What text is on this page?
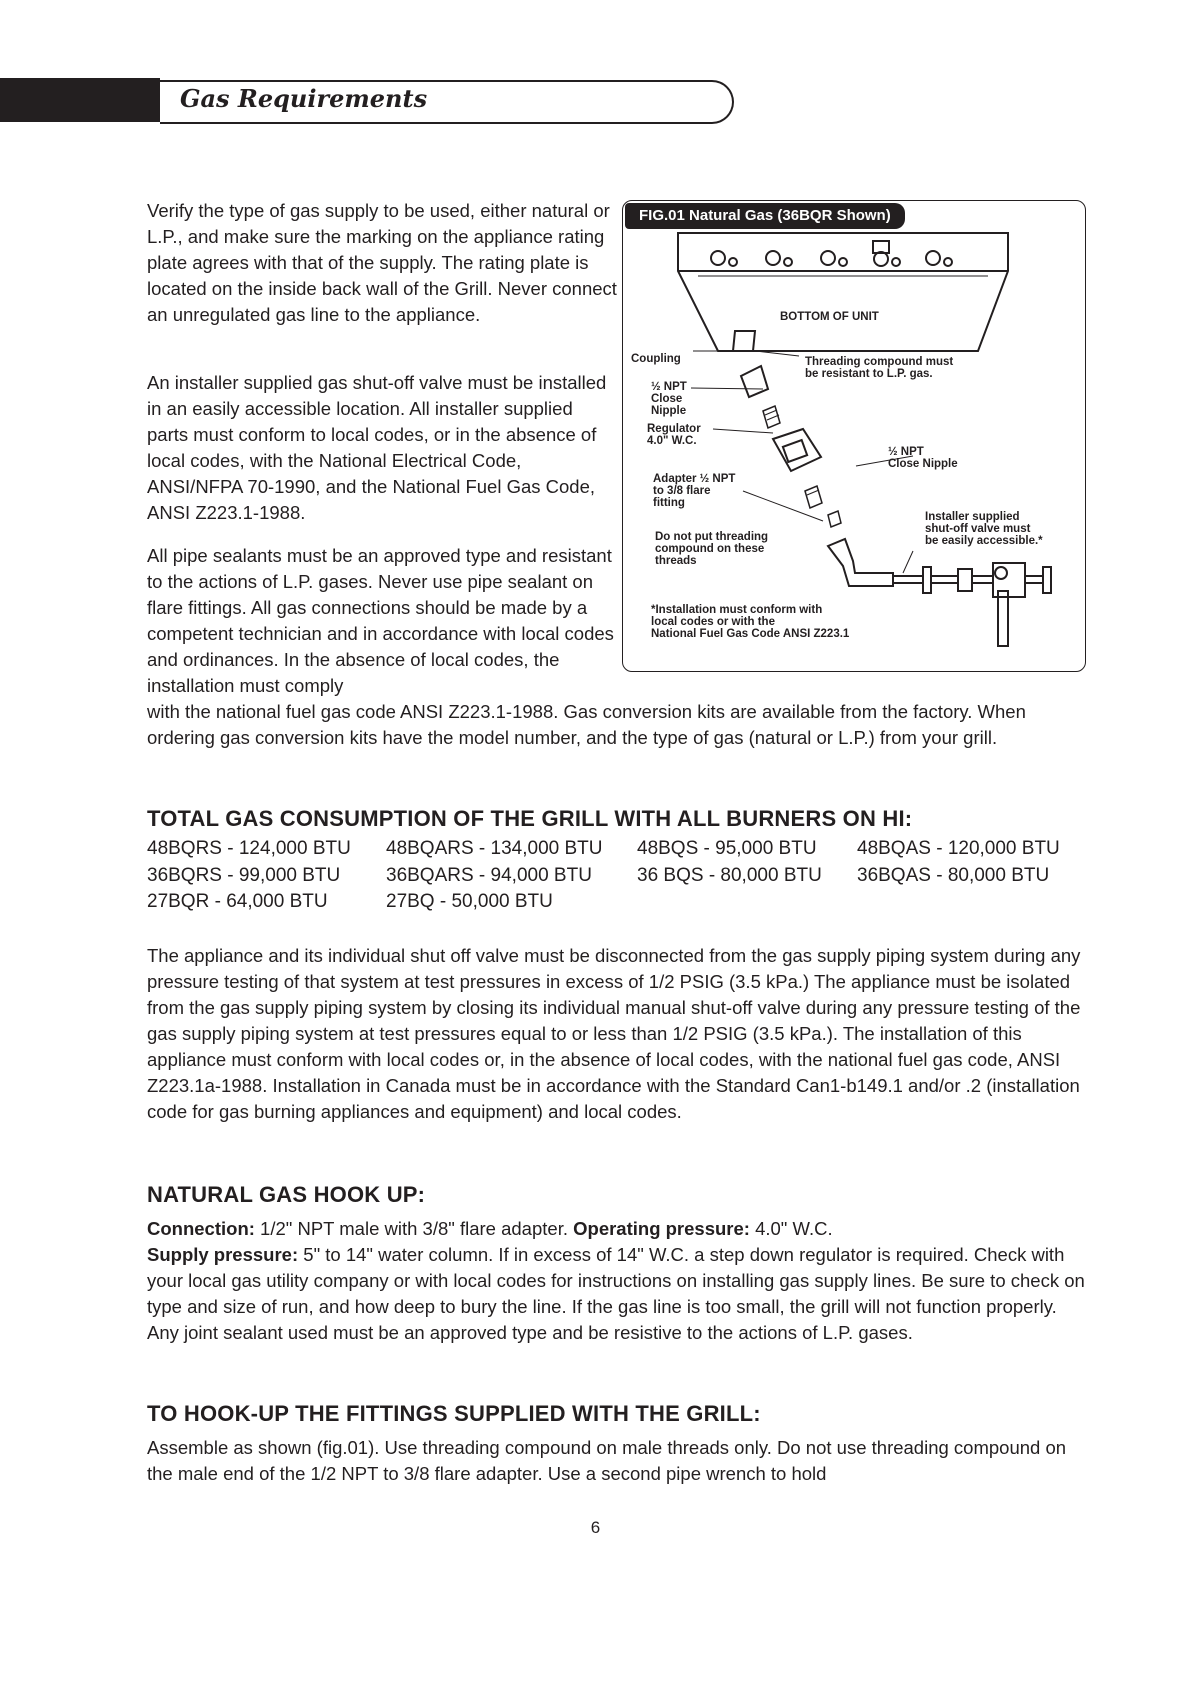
Gas Requirements

Verify the type of gas supply to be used, either natural or L.P., and make sure the marking on the appliance rating plate agrees with that of the supply. The rating plate is located on the inside back wall of the Grill. Never connect an unregulated gas line to the appliance.

An installer supplied gas shut-off valve must be installed in an easily accessible location. All installer supplied parts must conform to local codes, or in the absence of local codes, with the National Electrical Code, ANSI/NFPA 70-1990, and the National Fuel Gas Code, ANSI Z223.1-1988.

All pipe sealants must be an approved type and resistant to the actions of L.P. gases. Never use pipe sealant on flare fittings. All gas connections should be made by a competent technician and in accordance with local codes and ordinances. In the absence of local codes, the installation must comply

with the national fuel gas code ANSI Z223.1-1988. Gas conversion kits are available from the factory. When ordering gas conversion kits have the model number, and the type of gas (natural or L.P.) from your grill.

FIG.01 Natural Gas (36BQR Shown)
BOTTOM OF UNIT
Coupling	Threading compound must
be resistant to L.P. gas.
½ NPT
Close
Nipple
Regulator
4.0" W.C.
½ NPT
Close Nipple
Adapter ½ NPT
to 3/8 flare
fitting
Installer supplied
shut-off valve must
be easily accessible.*
Do not put threading
compound on these
threads
*Installation must conform with
local codes or with the
National Fuel Gas Code ANSI Z223.1
TOTAL GAS CONSUMPTION OF THE GRILL WITH ALL BURNERS ON HI:
48BQRS - 124,000 BTU	48BQARS - 134,000 BTU	48BQS - 95,000 BTU	48BQAS - 120,000 BTU
36BQRS - 99,000 BTU	36BQARS - 94,000 BTU	36 BQS - 80,000 BTU	36BQAS - 80,000 BTU
27BQR - 64,000 BTU	27BQ - 50,000 BTU

The appliance and its individual shut off valve must be disconnected from the gas supply piping system during any pressure testing of that system at test pressures in excess of 1/2 PSIG (3.5 kPa.) The appliance must be isolated from the gas supply piping system by closing its individual manual shut-off valve during any pressure testing of the gas supply piping system at test pressures equal to or less than 1/2 PSIG (3.5 kPa.). The installation of this appliance must conform with local codes or, in the absence of local codes, with the national fuel gas code, ANSI Z223.1a-1988. Installation in Canada must be in accordance with the Standard Can1-b149.1 and/or .2 (installation code for gas burning appliances and equipment) and local codes.

NATURAL GAS HOOK UP:

Connection: 1/2" NPT male with 3/8" flare adapter. Operating pressure: 4.0" W.C.
Supply pressure: 5" to 14" water column. If in excess of 14" W.C. a step down regulator is required. Check with your local gas utility company or with local codes for instructions on installing gas supply lines. Be sure to check on type and size of run, and how deep to bury the line. If the gas line is too small, the grill will not function properly. Any joint sealant used must be an approved type and be resistive to the actions of L.P. gases.

TO HOOK-UP THE FITTINGS SUPPLIED WITH THE GRILL:

Assemble as shown (fig.01). Use threading compound on male threads only. Do not use threading compound on the male end of the 1/2 NPT to 3/8 flare adapter. Use a second pipe wrench to hold

6
